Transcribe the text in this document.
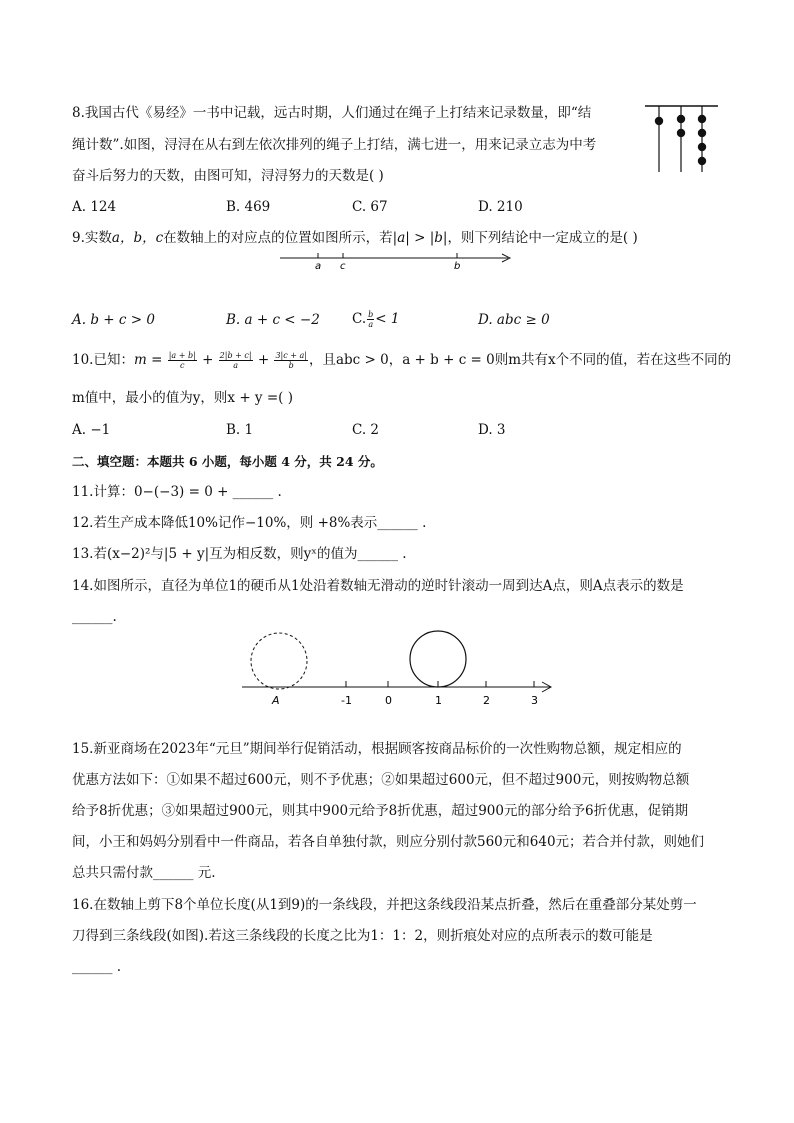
8.我国古代《易经》一书中记载，远古时期，人们通过在绳子上打结来记录数量，即“结
绳计数”.如图，浔浔在从右到左依次排列的绳子上打结，满七进一，用来记录立志为中考
奋斗后努力的天数，由图可知，浔浔努力的天数是( )
A. 124	B. 469	C. 67	D. 210
9.实数a，b，c在数轴上的对应点的位置如图所示，若|a| > |b|，则下列结论中一定成立的是( )
a c	b
A. b + c > 0	B. a + c < −2 C. $\frac{b}{a} < 1$	D. abc ≥ 0
10.已知：$m = \frac{|a + b|}{c} + \frac{2|b + c|}{a} + \frac{3|c + a|}{b}$ ，且abc > 0，a + b + c = 0则m共有x个不同的值，若在这些不同的
m值中，最小的值为y，则x + y =( )
A. −1	B. 1	C. 2	D. 3
二、填空题：本题共 6 小题，每小题 4 分，共 24 分。
11.计算：0−(−3) = 0 + ______ .
12.若生产成本降低10%记作−10%，则 +8%表示______ .
13.若(x−2)²与|5 + y|互为相反数，则yˣ的值为______ .
14.如图所示，直径为单位1的硬币从1处沿着数轴无滑动的逆时针滚动一周到达A点，则A点表示的数是
______.
A	-1	0	1	2	3
15.新亚商场在2023年“元旦”期间举行促销活动，根据顾客按商品标价的一次性购物总额，规定相应的
优惠方法如下：①如果不超过600元，则不予优惠；②如果超过600元，但不超过900元，则按购物总额
给予8折优惠；③如果超过900元，则其中900元给予8折优惠，超过900元的部分给予6折优惠，促销期
间，小王和妈妈分别看中一件商品，若各自单独付款，则应分别付款560元和640元；若合并付款，则她们
总共只需付款______ 元.
16.在数轴上剪下8个单位长度(从1到9)的一条线段，并把这条线段沿某点折叠，然后在重叠部分某处剪一
刀得到三条线段(如图).若这三条线段的长度之比为1：1：2，则折痕处对应的点所表示的数可能是
______ .
